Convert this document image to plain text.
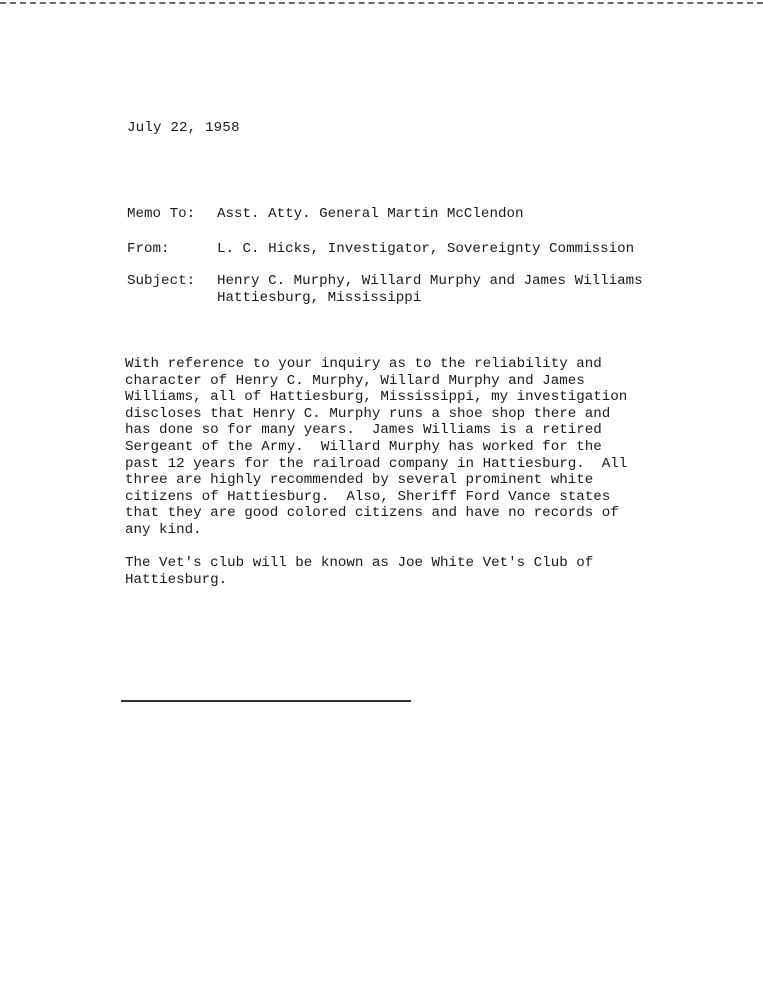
July 22, 1958

Memo To:

Asst. Atty. General Martin McClendon

From:

	L. C. Hicks, Investigator, Sovereignty Commission

Subject:

Henry C. Murphy, Willard Murphy and James Williams

Hattiesburg, Mississippi

With reference to your inquiry as to the reliability and
character of Henry C. Murphy, Willard Murphy and James
Williams, all of Hattiesburg, Mississippi, my investigation
discloses that Henry C. Murphy runs a shoe shop there and
has done so for many years.  James Williams is a retired
Sergeant of the Army.  Willard Murphy has worked for the
past 12 years for the railroad company in Hattiesburg.  All
three are highly recommended by several prominent white
citizens of Hattiesburg.  Also, Sheriff Ford Vance states
that they are good colored citizens and have no records of
any kind.
The Vet's club will be known as Joe White Vet's Club of
Hattiesburg.
